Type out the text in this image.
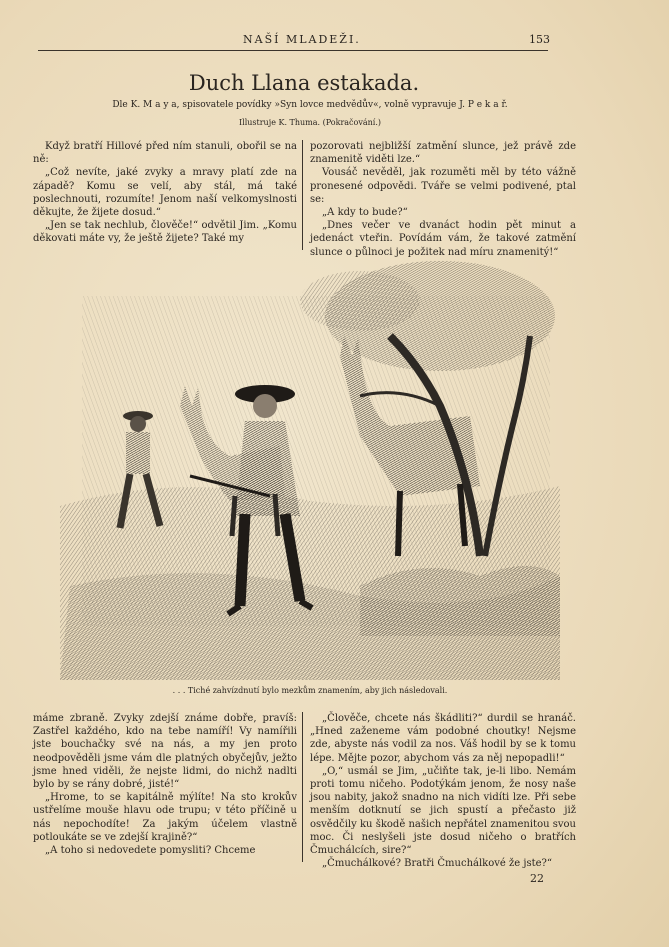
NAŠÍ MLADEŽI.	153
Duch Llana estakada.
Dle K. M a y a, spisovatele povídky »Syn lovce medvědův«, volně vypravuje J. P e k a ř.
Illustruje K. Thuma. (Pokračování.)

Když bratří Hillové před ním stanuli, obořil se na ně:

„Což nevíte, jaké zvyky a mravy platí zde na západě? Komu se velí, aby stál, má také poslechnouti, rozumíte! Jenom naší velkomyslnosti děkujte, že žijete dosud.“

„Jen se tak nechlub, člověče!“ odvětil Jim. „Komu děkovati máte vy, že ještě žijete? Také my

pozorovati nejbližší zatmění slunce, jež právě zde znamenitě viděti lze.“

Vousáč nevěděl, jak rozuměti měl by této vážně pronesené odpovědi. Tváře se velmi podivené, ptal se:

„A kdy to bude?“

„Dnes večer ve dvanáct hodin pět minut a jedenáct vteřin. Povídám vám, že takové zatmění slunce o půlnoci je požitek nad míru znamenitý!“

. . . Tiché zahvízdnutí bylo mezkům znamením, aby jich následovali.

máme zbraně. Zvyky zdejší známe dobře, pravíš: Zastřel každého, kdo na tebe namíří! Vy namířili jste bouchačky své na nás, a my jen proto neodpověděli jsme vám dle platných obyčejův, ježto jsme hned viděli, že nejste lidmi, do nichž nadlti bylo by se rány dobré, jisté!“

„Hrome, to se kapitálně mýlíte! Na sto krokův ustřelíme mouše hlavu ode trupu; v této příčině u nás nepochodíte! Za jakým účelem vlastně potloukáte se ve zdejší krajině?“

„A toho si nedovedete pomysliti? Chceme

„Člověče, chcete nás škádliti?“ durdil se hranáč. „Hned zaženeme vám podobné choutky! Nejsme zde, abyste nás vodil za nos. Váš hodil by se k tomu lépe. Mějte pozor, abychom vás za něj nepopadli!“

„O,“ usmál se Jim, „učiňte tak, je-li libo. Nemám proti tomu ničeho. Podotýkám jenom, že nosy naše jsou nabity, jakož snadno na nich vidíti lze. Při sebe menším dotknutí se jich spustí a přečasto již osvědčily ku škodě našich nepřátel znamenitou svou moc. Či neslyšeli jste dosud ničeho o bratřích Čmuchálcích, sire?“

„Čmuchálkové? Bratři Čmuchálkové že jste?“

22
